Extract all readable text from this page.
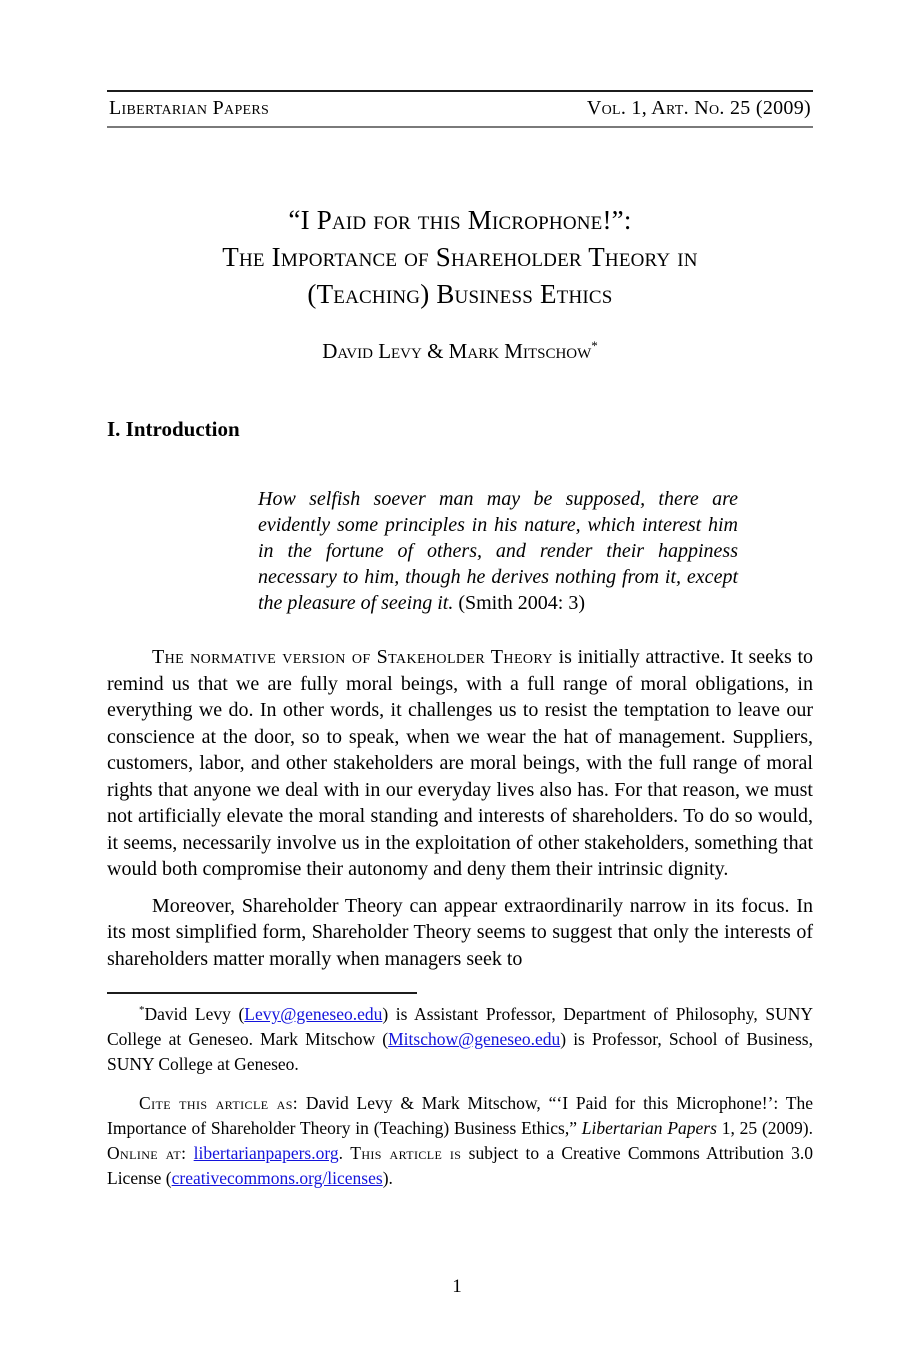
Libertarian Papers	Vol. 1, Art. No. 25 (2009)
“I Paid for this Microphone!”:
The Importance of Shareholder Theory in
(Teaching) Business Ethics
David Levy & Mark Mitschow*
I. Introduction
How selfish soever man may be supposed, there are evidently some principles in his nature, which interest him in the fortune of others, and render their happiness necessary to him, though he derives nothing from it, except the pleasure of seeing it. (Smith 2004: 3)

The normative version of Stakeholder Theory is initially attractive. It seeks to remind us that we are fully moral beings, with a full range of moral obligations, in everything we do. In other words, it challenges us to resist the temptation to leave our conscience at the door, so to speak, when we wear the hat of management. Suppliers, customers, labor, and other stakeholders are moral beings, with the full range of moral rights that anyone we deal with in our everyday lives also has. For that reason, we must not artificially elevate the moral standing and interests of shareholders. To do so would, it seems, necessarily involve us in the exploitation of other stakeholders, something that would both compromise their autonomy and deny them their intrinsic dignity.

Moreover, Shareholder Theory can appear extraordinarily narrow in its focus. In its most simplified form, Shareholder Theory seems to suggest that only the interests of shareholders matter morally when managers seek to

*David Levy (Levy@geneseo.edu) is Assistant Professor, Department of Philosophy, SUNY College at Geneseo. Mark Mitschow (Mitschow@geneseo.edu) is Professor, School of Business, SUNY College at Geneseo.

Cite this article as: David Levy & Mark Mitschow, “‘I Paid for this Microphone!’: The Importance of Shareholder Theory in (Teaching) Business Ethics,” Libertarian Papers 1, 25 (2009). Online at: libertarianpapers.org. This article is subject to a Creative Commons Attribution 3.0 License (creativecommons.org/licenses).

1
